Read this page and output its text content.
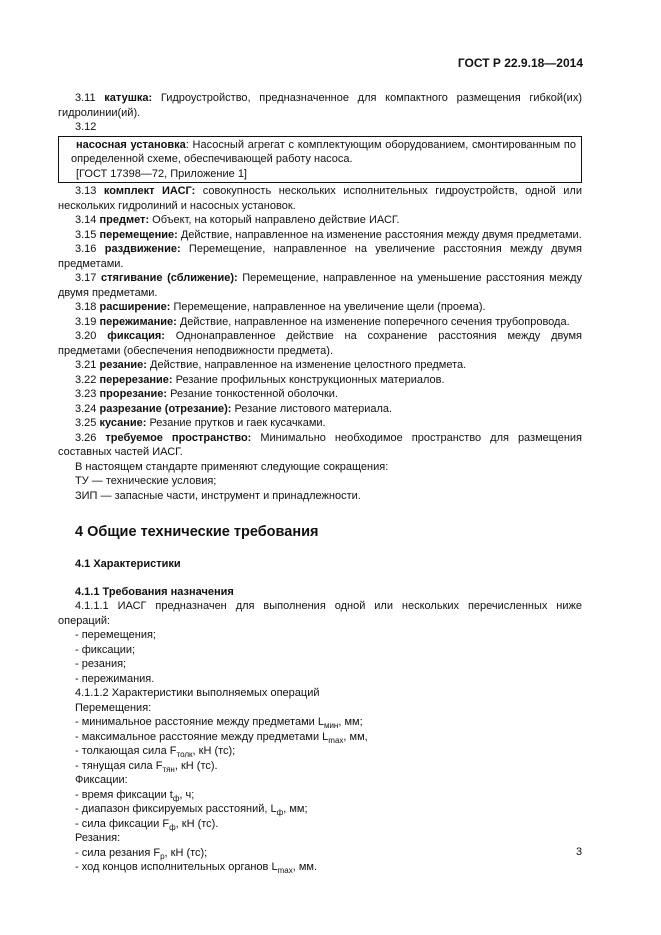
ГОСТ Р 22.9.18—2014

3.11 катушка: Гидроустройство, предназначенное для компактного размещения гибкой(их) гидролинии(ий).

3.12

насосная установка: Насосный агрегат с комплектующим оборудованием, смонтированным по определенной схеме, обеспечивающей работу насоса.

[ГОСТ 17398—72, Приложение 1]

3.13 комплект ИАСГ: совокупность нескольких исполнительных гидроустройств, одной или нескольких гидролиний и насосных установок.

3.14 предмет: Объект, на который направлено действие ИАСГ.

3.15 перемещение: Действие, направленное на изменение расстояния между двумя предметами.

3.16 раздвижение: Перемещение, направленное на увеличение расстояния между двумя предметами.

3.17 стягивание (сближение): Перемещение, направленное на уменьшение расстояния между двумя предметами.

3.18 расширение: Перемещение, направленное на увеличение щели (проема).

3.19 пережимание: Действие, направленное на изменение поперечного сечения трубопровода.

3.20 фиксация: Однонаправленное действие на сохранение расстояния между двумя предметами (обеспечения неподвижности предмета).

3.21 резание: Действие, направленное на изменение целостного предмета.

3.22 перерезание: Резание профильных конструкционных материалов.

3.23 прорезание: Резание тонкостенной оболочки.

3.24 разрезание (отрезание): Резание листового материала.

3.25 кусание: Резание прутков и гаек кусачками.

3.26 требуемое пространство: Минимально необходимое пространство для размещения составных частей ИАСГ.

В настоящем стандарте применяют следующие сокращения:

ТУ — технические условия;

ЗИП — запасные части, инструмент и принадлежности.

4 Общие технические требования
4.1 Характеристики
4.1.1 Требования назначения

4.1.1.1 ИАСГ предназначен для выполнения одной или нескольких перечисленных ниже операций:

- перемещения;

- фиксации;

- резания;

- пережимания.

4.1.1.2 Характеристики выполняемых операций

Перемещения:

- минимальное расстояние между предметами $L_{мин}$, мм;

- максимальное расстояние между предметами $L_{max}$, мм,

- толкающая сила $F_{толк}$, кН (тс);

- тянущая сила $F_{тян}$, кН (тс).

Фиксации:

- время фиксации $t_ф$, ч;

- диапазон фиксируемых расстояний, $L_ф$, мм;

- сила фиксации $F_ф$, кН (тс).

Резания:

- сила резания $F_р$, кН (тс);

- ход концов исполнительных органов $L_{max}$, мм.

3
